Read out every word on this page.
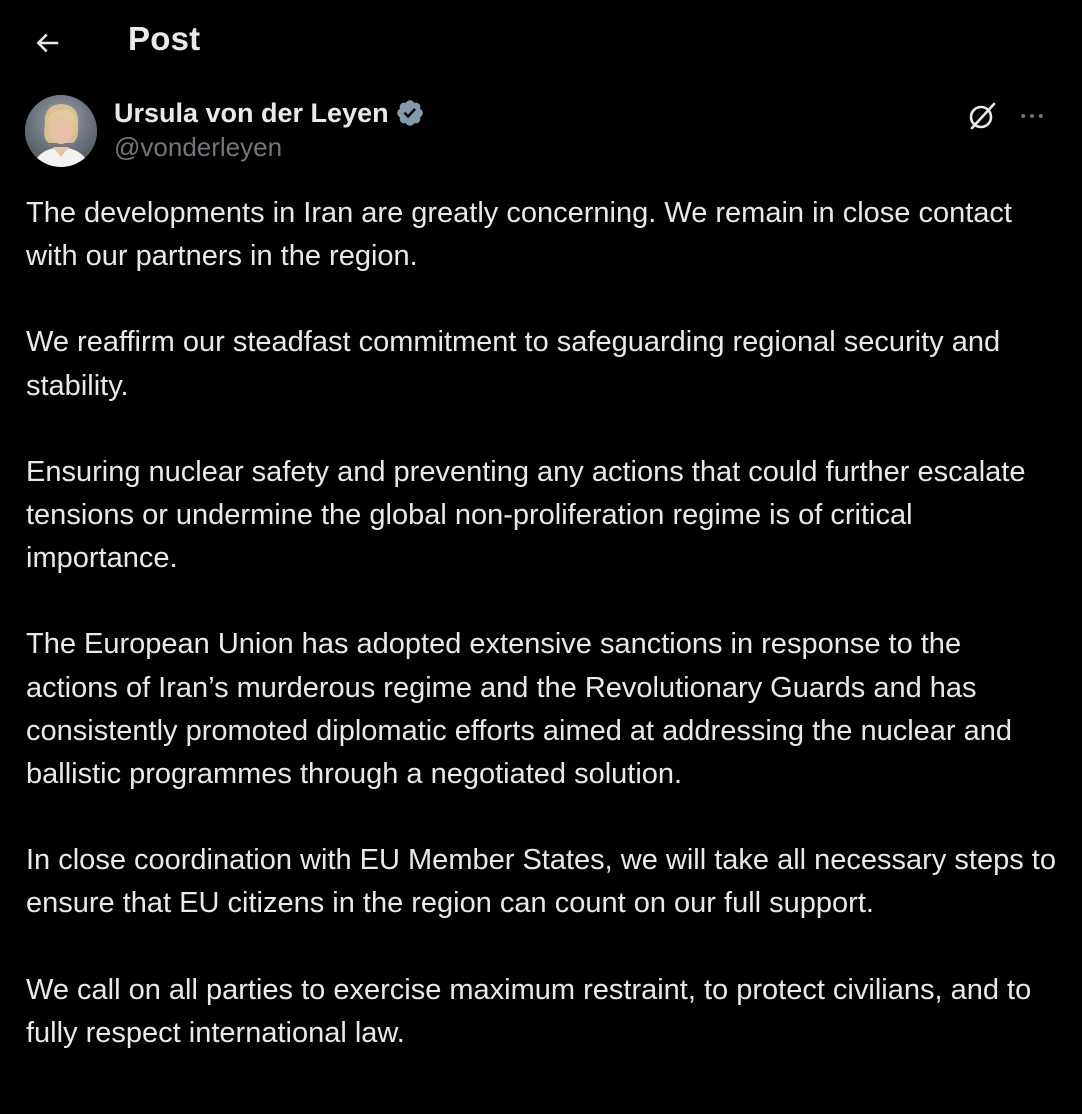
Post
Ursula von der Leyen
@vonderleyen

The developments in Iran are greatly concerning. We remain in close contact with our partners in the region.

We reaffirm our steadfast commitment to safeguarding regional security and stability.

Ensuring nuclear safety and preventing any actions that could further escalate tensions or undermine the global non-proliferation regime is of critical importance.

The European Union has adopted extensive sanctions in response to the actions of Iran’s murderous regime and the Revolutionary Guards and has consistently promoted diplomatic efforts aimed at addressing the nuclear and ballistic programmes through a negotiated solution.

In close coordination with EU Member States, we will take all necessary steps to ensure that EU citizens in the region can count on our full support.

We call on all parties to exercise maximum restraint, to protect civilians, and to fully respect international law.
